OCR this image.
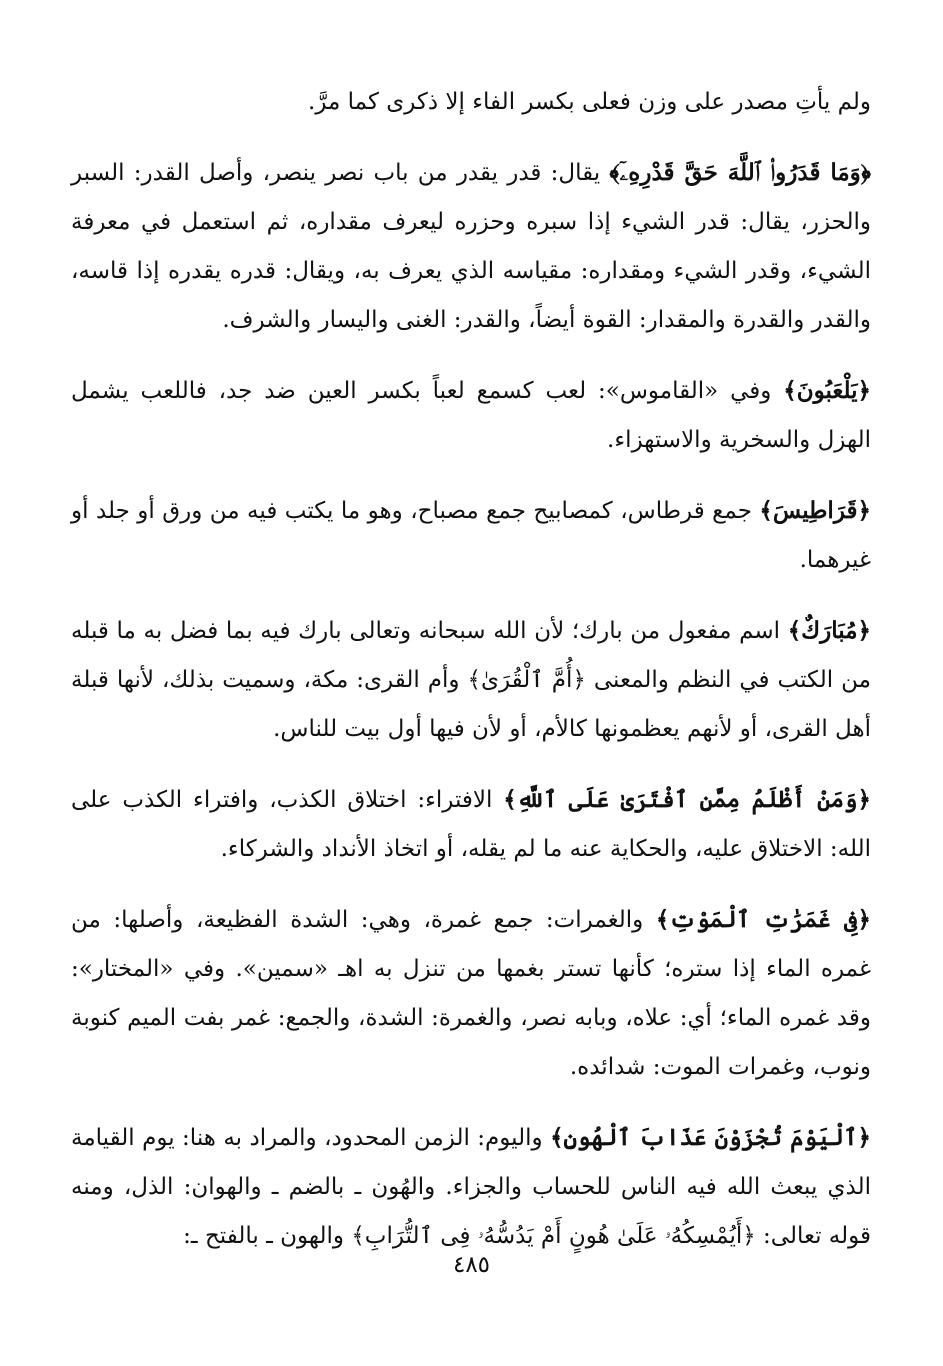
ولم يأتِ مصدر على وزن فعلى بكسر الفاء إلا ذكرى كما مرَّ.

﴿وَمَا قَدَرُوا۟ ٱللَّهَ حَقَّ قَدْرِهِۦٓ﴾ يقال: قدر يقدر من باب نصر ينصر، وأصل القدر: السبر والحزر، يقال: قدر الشيء إذا سبره وحزره ليعرف مقداره، ثم استعمل في معرفة الشيء، وقدر الشيء ومقداره: مقياسه الذي يعرف به، ويقال: قدره يقدره إذا قاسه، والقدر والقدرة والمقدار: القوة أيضاً، والقدر: الغنى واليسار والشرف.

﴿يَلْعَبُونَ﴾ وفي «القاموس»: لعب كسمع لعباً بكسر العين ضد جد، فاللعب يشمل الهزل والسخرية والاستهزاء.

﴿قَرَاطِيسَ﴾ جمع قرطاس، كمصابيح جمع مصباح، وهو ما يكتب فيه من ورق أو جلد أو غيرهما.

﴿مُبَارَكٌ﴾ اسم مفعول من بارك؛ لأن الله سبحانه وتعالى بارك فيه بما فضل به ما قبله من الكتب في النظم والمعنى ﴿أُمَّ ٱلْقُرَىٰ﴾ وأم القرى: مكة، وسميت بذلك، لأنها قبلة أهل القرى، أو لأنهم يعظمونها كالأم، أو لأن فيها أول بيت للناس.

﴿وَمَنْ أَظْلَمُ مِمَّنِ ٱفْتَرَىٰ عَلَى ٱللَّهِ﴾ الافتراء: اختلاق الكذب، وافتراء الكذب على الله: الاختلاق عليه، والحكاية عنه ما لم يقله، أو اتخاذ الأنداد والشركاء.

﴿فِى غَمَرَٰتِ ٱلْمَوْتِ﴾ والغمرات: جمع غمرة، وهي: الشدة الفظيعة، وأصلها: من غمره الماء إذا ستره؛ كأنها تستر بغمها من تنزل به اهـ «سمين». وفي «المختار»: وقد غمره الماء؛ أي: علاه، وبابه نصر، والغمرة: الشدة، والجمع: غمر بفت الميم كنوبة ونوب، وغمرات الموت: شدائده.

﴿ٱلْيَوْمَ تُجْزَوْنَ عَذَابَ ٱلْهُونِ﴾ واليوم: الزمن المحدود، والمراد به هنا: يوم القيامة الذي يبعث الله فيه الناس للحساب والجزاء. والهُون ـ بالضم ـ والهوان: الذل، ومنه قوله تعالى: ﴿أَيُمْسِكُهُۥ عَلَىٰ هُونٍ أَمْ يَدُسُّهُۥ فِى ٱلتُّرَابِ﴾ والهون ـ بالفتح ـ:

٤٨٥
